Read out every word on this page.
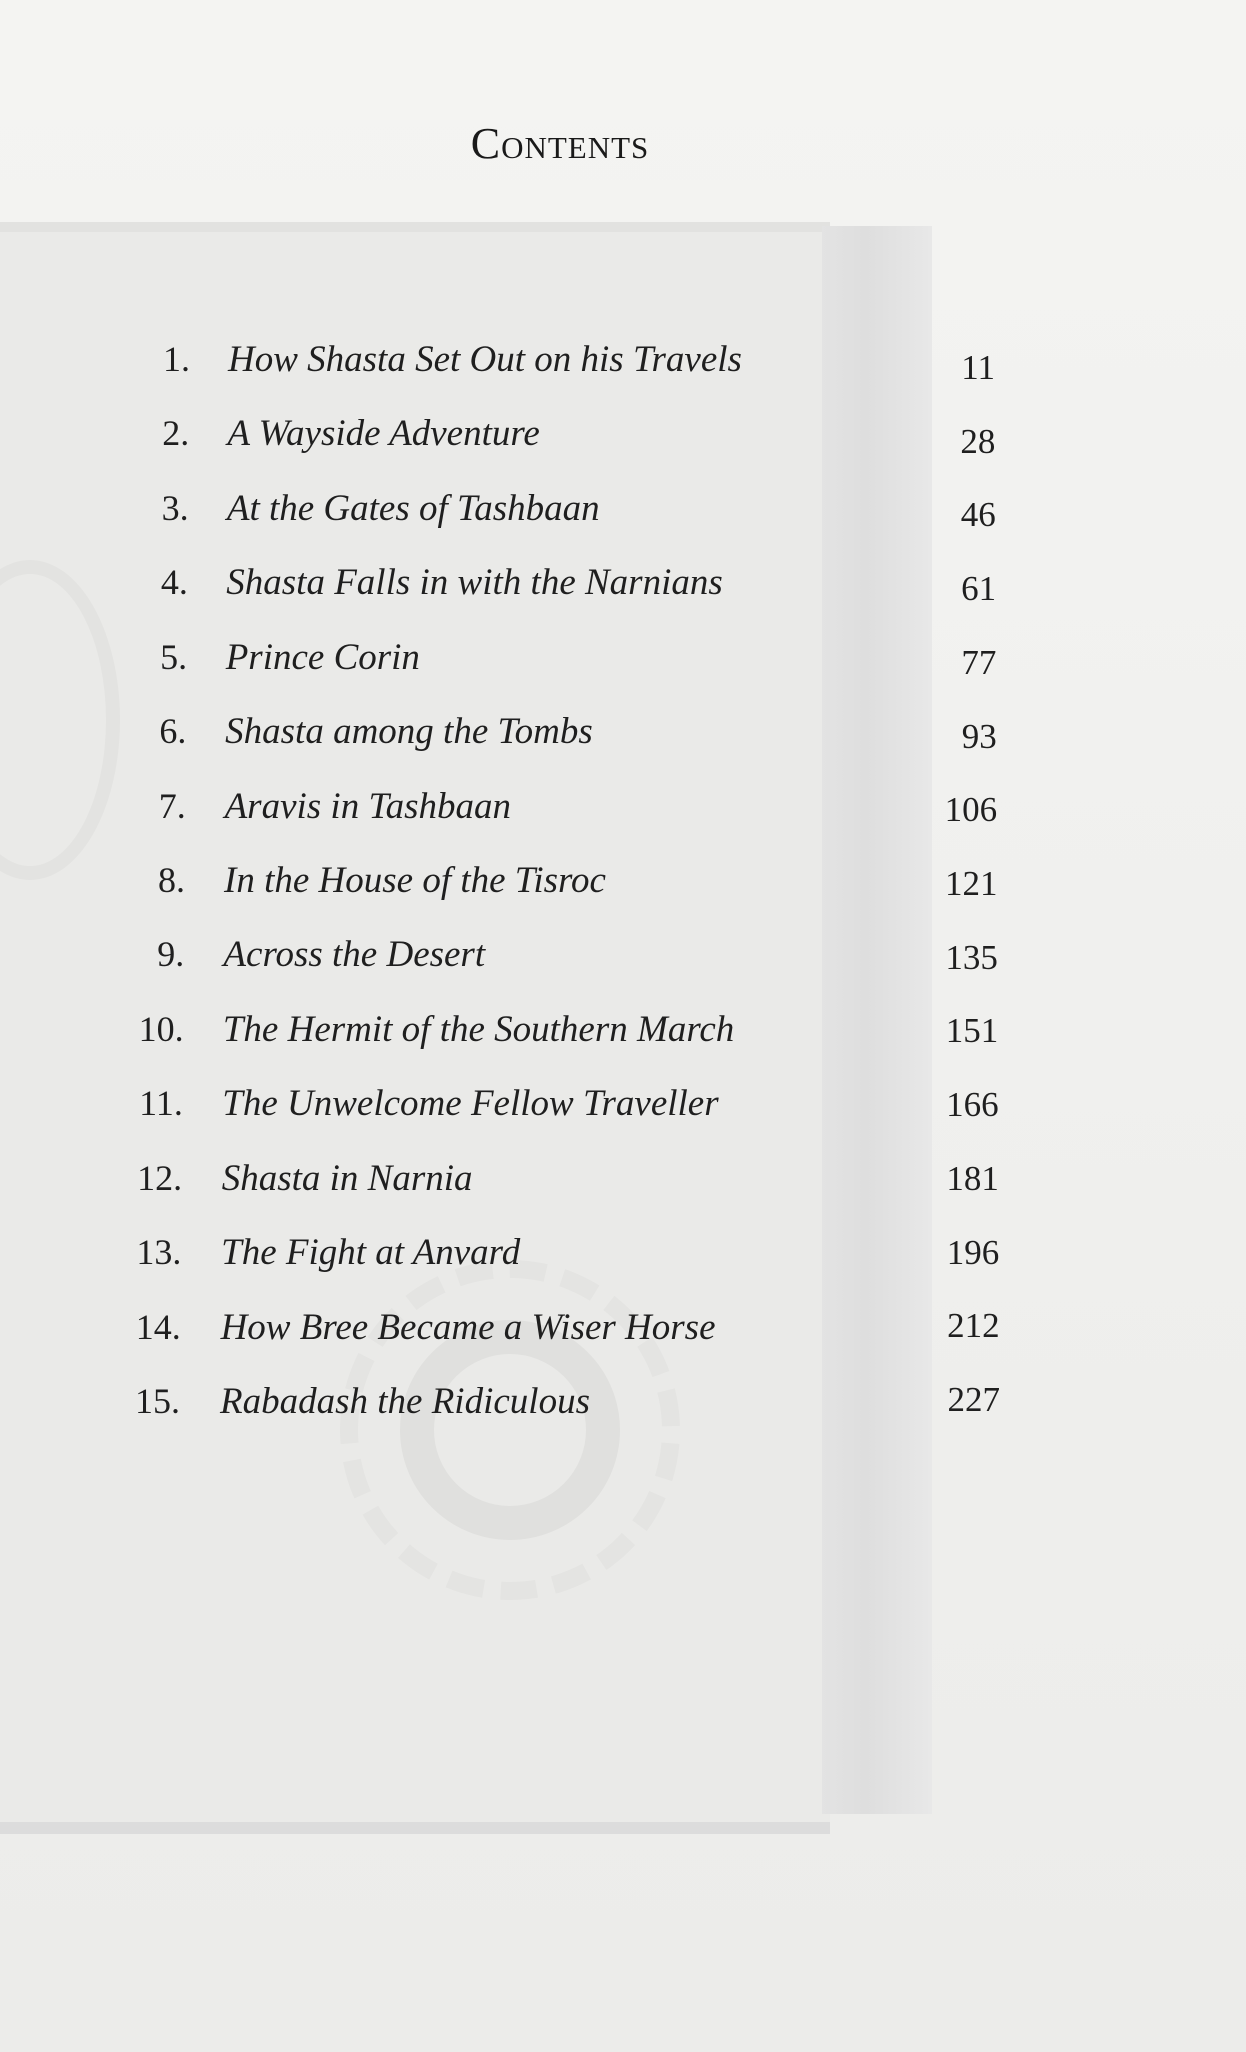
Contents
1. How Shasta Set Out on his Travels	11
2. A Wayside Adventure	28
3. At the Gates of Tashbaan	46
4. Shasta Falls in with the Narnians	61
5. Prince Corin	77
6. Shasta among the Tombs	93
7. Aravis in Tashbaan	106
8. In the House of the Tisroc	121
9. Across the Desert	135
10. The Hermit of the Southern March	151
11. The Unwelcome Fellow Traveller	166
12. Shasta in Narnia	181
13. The Fight at Anvard	196
14. How Bree Became a Wiser Horse	212
15. Rabadash the Ridiculous	227
